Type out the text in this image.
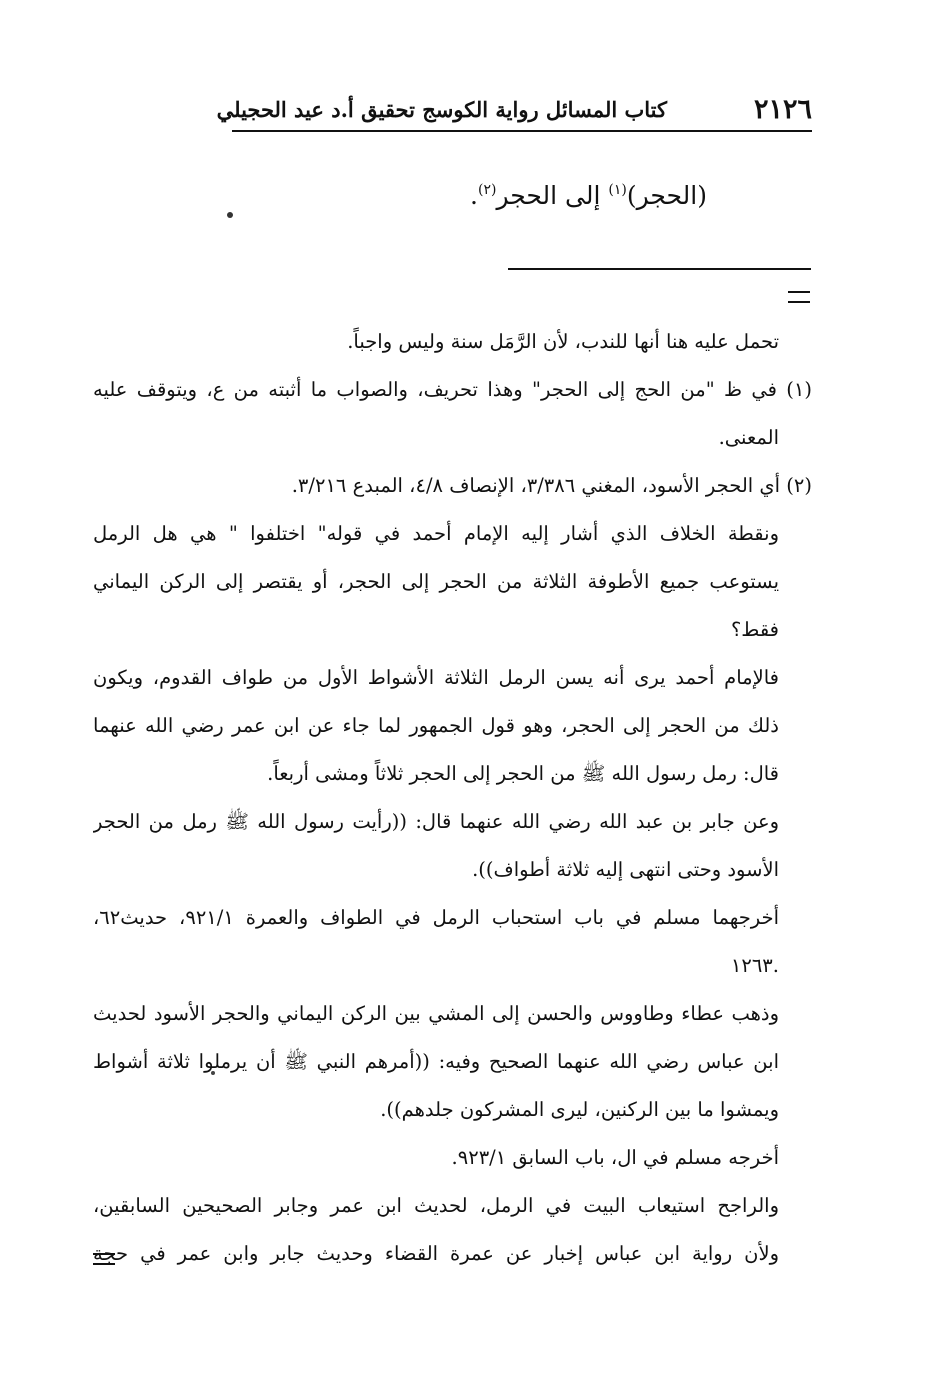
٢١٢٦
كتاب المسائل رواية الكوسج تحقيق أ.د عيد الحجيلي
(الحجر)$^{(١)}$ إلى الحجر$^{(٢)}$.
تحمل عليه هنا أنها للندب، لأن الرَّمَل سنة وليس واجباً.
(١) في ظ "من الحج إلى الحجر" وهذا تحريف، والصواب ما أثبته من ع، ويتوقف عليه
المعنى.
(٢) أي الحجر الأسود، المغني ٣/٣٨٦، الإنصاف ٤/٨، المبدع ٣/٢١٦.
ونقطة الخلاف الذي أشار إليه الإمام أحمد في قوله" اختلفوا " هي هل الرمل
يستوعب جميع الأطوفة الثلاثة من الحجر إلى الحجر، أو يقتصر إلى الركن اليماني
فقط؟
فالإمام أحمد يرى أنه يسن الرمل الثلاثة الأشواط الأول من طواف القدوم، ويكون
ذلك من الحجر إلى الحجر، وهو قول الجمهور لما جاء عن ابن عمر رضي الله عنهما
قال: رمل رسول الله ﷺ من الحجر إلى الحجر ثلاثاً ومشى أربعاً.
وعن جابر بن عبد الله رضي الله عنهما قال: ((رأيت رسول الله ﷺ رمل من الحجر
الأسود وحتى انتهى إليه ثلاثة أطواف)).
أخرجهما مسلم في باب استحباب الرمل في الطواف والعمرة ٩٢١/١، حديث٦٢،
.١٢٦٣
وذهب عطاء وطاووس والحسن إلى المشي بين الركن اليماني والحجر الأسود لحديث
ابن عباس رضي الله عنهما الصحيح وفيه: ((أمرهم النبي ﷺ أن يرملوا ثلاثة أشواط
ويمشوا ما بين الركنين، ليرى المشركون جلدهم)).
أخرجه مسلم في ال، باب السابق ٩٢٣/١.
والراجح استيعاب البيت في الرمل، لحديث ابن عمر وجابر الصحيحين السابقين،
ولأن رواية ابن عباس إخبار عن عمرة القضاء وحديث جابر وابن عمر في حجة
